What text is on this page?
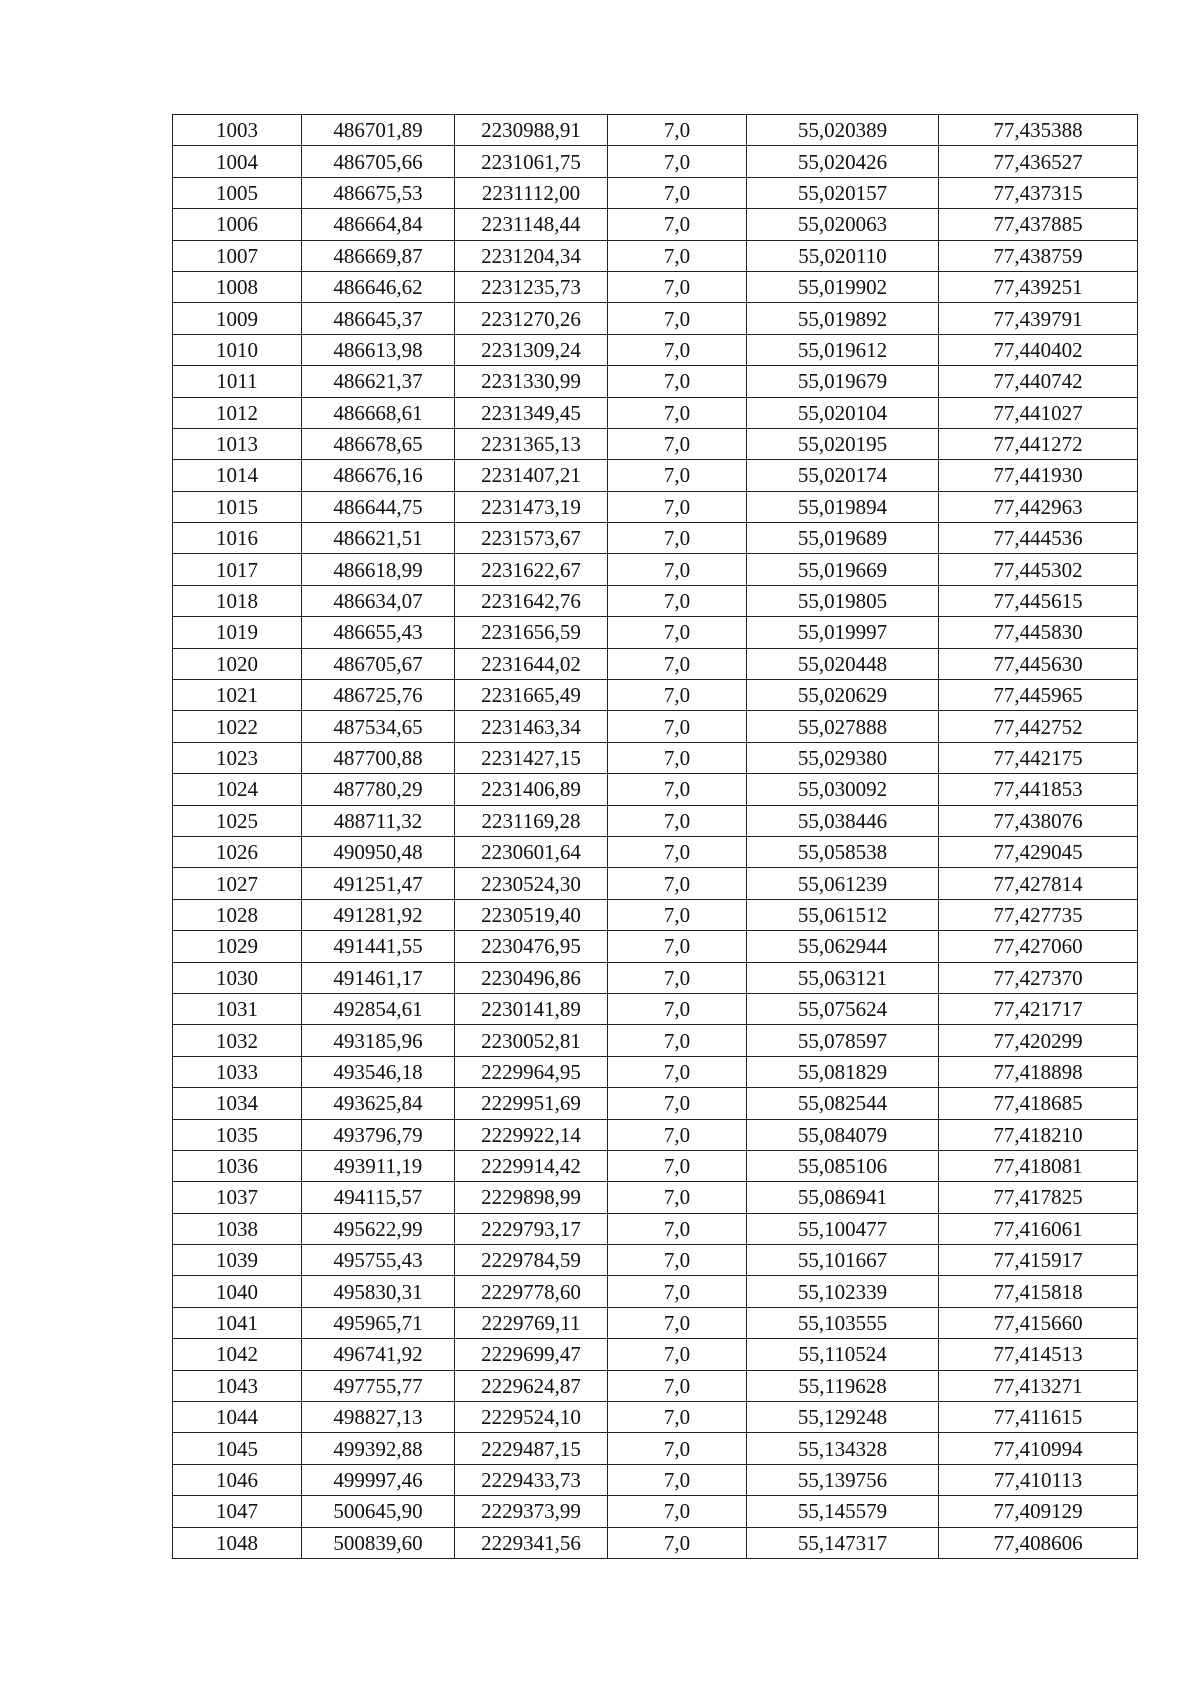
1003	486701,89	2230988,91	7,0	55,020389	77,435388
1004	486705,66	2231061,75	7,0	55,020426	77,436527
1005	486675,53	2231112,00	7,0	55,020157	77,437315
1006	486664,84	2231148,44	7,0	55,020063	77,437885
1007	486669,87	2231204,34	7,0	55,020110	77,438759
1008	486646,62	2231235,73	7,0	55,019902	77,439251
1009	486645,37	2231270,26	7,0	55,019892	77,439791
1010	486613,98	2231309,24	7,0	55,019612	77,440402
1011	486621,37	2231330,99	7,0	55,019679	77,440742
1012	486668,61	2231349,45	7,0	55,020104	77,441027
1013	486678,65	2231365,13	7,0	55,020195	77,441272
1014	486676,16	2231407,21	7,0	55,020174	77,441930
1015	486644,75	2231473,19	7,0	55,019894	77,442963
1016	486621,51	2231573,67	7,0	55,019689	77,444536
1017	486618,99	2231622,67	7,0	55,019669	77,445302
1018	486634,07	2231642,76	7,0	55,019805	77,445615
1019	486655,43	2231656,59	7,0	55,019997	77,445830
1020	486705,67	2231644,02	7,0	55,020448	77,445630
1021	486725,76	2231665,49	7,0	55,020629	77,445965
1022	487534,65	2231463,34	7,0	55,027888	77,442752
1023	487700,88	2231427,15	7,0	55,029380	77,442175
1024	487780,29	2231406,89	7,0	55,030092	77,441853
1025	488711,32	2231169,28	7,0	55,038446	77,438076
1026	490950,48	2230601,64	7,0	55,058538	77,429045
1027	491251,47	2230524,30	7,0	55,061239	77,427814
1028	491281,92	2230519,40	7,0	55,061512	77,427735
1029	491441,55	2230476,95	7,0	55,062944	77,427060
1030	491461,17	2230496,86	7,0	55,063121	77,427370
1031	492854,61	2230141,89	7,0	55,075624	77,421717
1032	493185,96	2230052,81	7,0	55,078597	77,420299
1033	493546,18	2229964,95	7,0	55,081829	77,418898
1034	493625,84	2229951,69	7,0	55,082544	77,418685
1035	493796,79	2229922,14	7,0	55,084079	77,418210
1036	493911,19	2229914,42	7,0	55,085106	77,418081
1037	494115,57	2229898,99	7,0	55,086941	77,417825
1038	495622,99	2229793,17	7,0	55,100477	77,416061
1039	495755,43	2229784,59	7,0	55,101667	77,415917
1040	495830,31	2229778,60	7,0	55,102339	77,415818
1041	495965,71	2229769,11	7,0	55,103555	77,415660
1042	496741,92	2229699,47	7,0	55,110524	77,414513
1043	497755,77	2229624,87	7,0	55,119628	77,413271
1044	498827,13	2229524,10	7,0	55,129248	77,411615
1045	499392,88	2229487,15	7,0	55,134328	77,410994
1046	499997,46	2229433,73	7,0	55,139756	77,410113
1047	500645,90	2229373,99	7,0	55,145579	77,409129
1048	500839,60	2229341,56	7,0	55,147317	77,408606
